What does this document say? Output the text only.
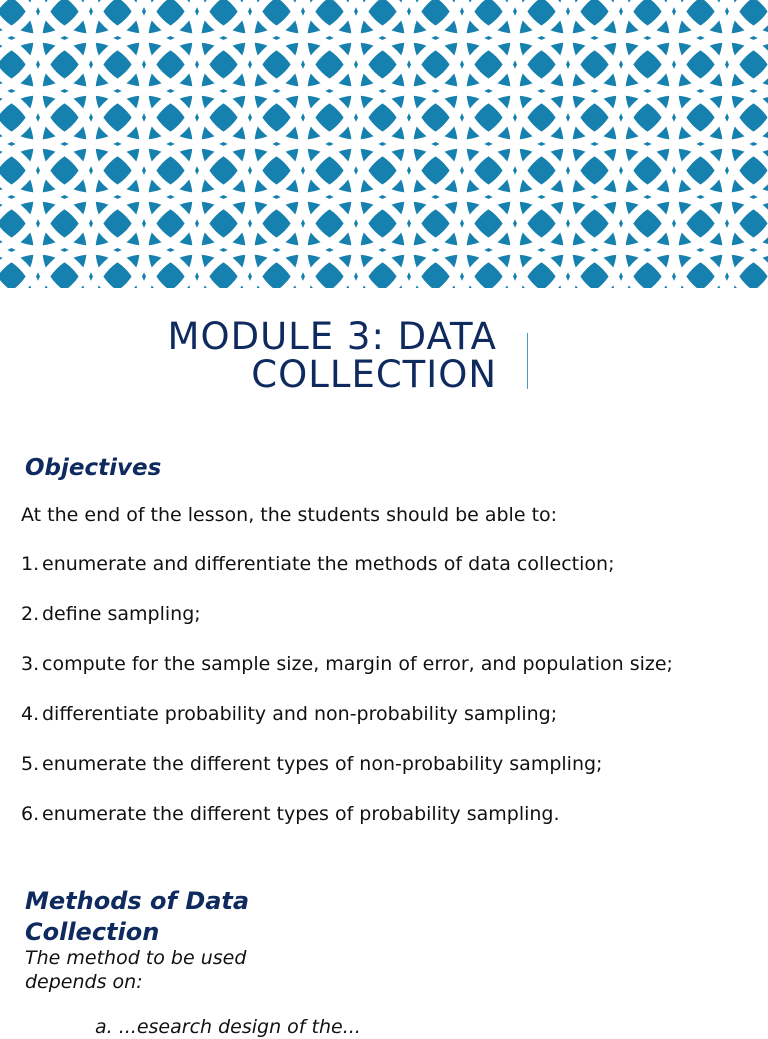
MODULE 3: DATA
COLLECTION
Objectives

At the end of the lesson, the students should be able to:

1. enumerate and differentiate the methods of data collection;
2. define sampling;
3. compute for the sample size, margin of error, and population size;
4. differentiate probability and non-probability sampling;
5. enumerate the different types of non-probability sampling;
6. enumerate the different types of probability sampling.
Methods of Data Collection

The method to be used depends on:

a. ...esearch design of the...
